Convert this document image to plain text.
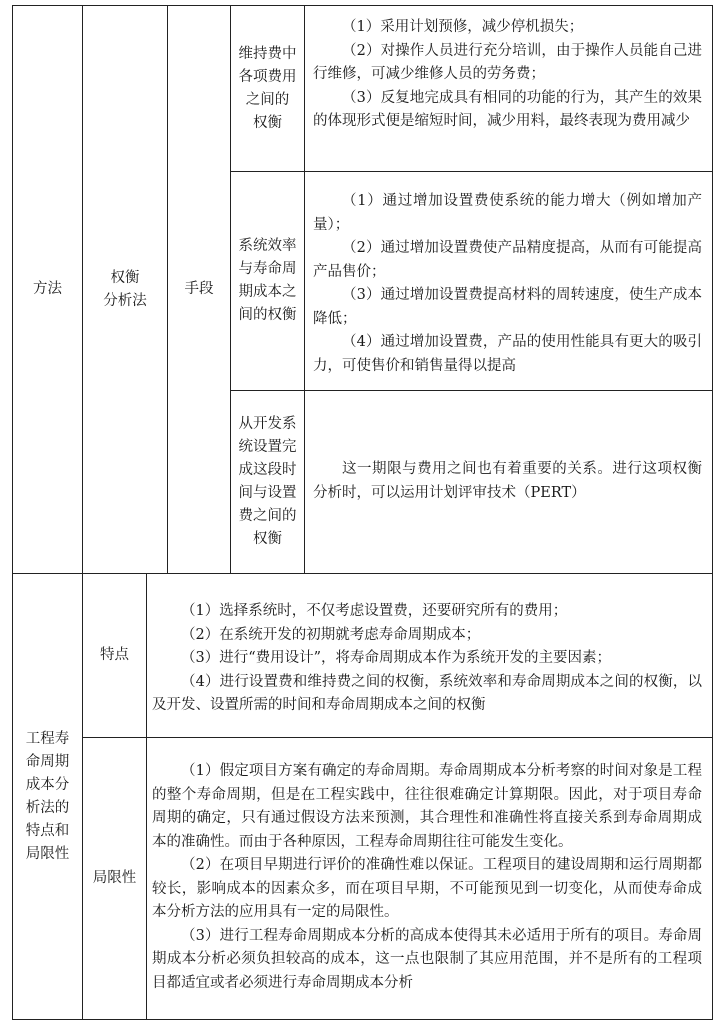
方法
权衡
分析法
手段
维持费中
各项费用
之间的
权衡

（1）采用计划预修，减少停机损失；

（2）对操作人员进行充分培训，由于操作人员能自己进行维修，可减少维修人员的劳务费；

（3）反复地完成具有相同的功能的行为，其产生的效果的体现形式便是缩短时间，减少用料，最终表现为费用减少

系统效率
与寿命周
期成本之
间的权衡

（1）通过增加设置费使系统的能力增大（例如增加产量）；

（2）通过增加设置费使产品精度提高，从而有可能提高产品售价；

（3）通过增加设置费提高材料的周转速度，使生产成本降低；

（4）通过增加设置费，产品的使用性能具有更大的吸引力，可使售价和销售量得以提高

从开发系
统设置完
成这段时
间与设置
费之间的
权衡

这一期限与费用之间也有着重要的关系。进行这项权衡分析时，可以运用计划评审技术（PERT）

工程寿
命周期
成本分
析法的
特点和
局限性
特点

（1）选择系统时，不仅考虑设置费，还要研究所有的费用；

（2）在系统开发的初期就考虑寿命周期成本；

（3）进行“费用设计”，将寿命周期成本作为系统开发的主要因素；

（4）进行设置费和维持费之间的权衡，系统效率和寿命周期成本之间的权衡，以及开发、设置所需的时间和寿命周期成本之间的权衡

局限性

（1）假定项目方案有确定的寿命周期。寿命周期成本分析考察的时间对象是工程的整个寿命周期，但是在工程实践中，往往很难确定计算期限。因此，对于项目寿命周期的确定，只有通过假设方法来预测，其合理性和准确性将直接关系到寿命周期成本的准确性。而由于各种原因，工程寿命周期往往可能发生变化。

（2）在项目早期进行评价的准确性难以保证。工程项目的建设周期和运行周期都较长，影响成本的因素众多，而在项目早期，不可能预见到一切变化，从而使寿命成本分析方法的应用具有一定的局限性。

（3）进行工程寿命周期成本分析的高成本使得其未必适用于所有的项目。寿命周期成本分析必须负担较高的成本，这一点也限制了其应用范围，并不是所有的工程项目都适宜或者必须进行寿命周期成本分析
